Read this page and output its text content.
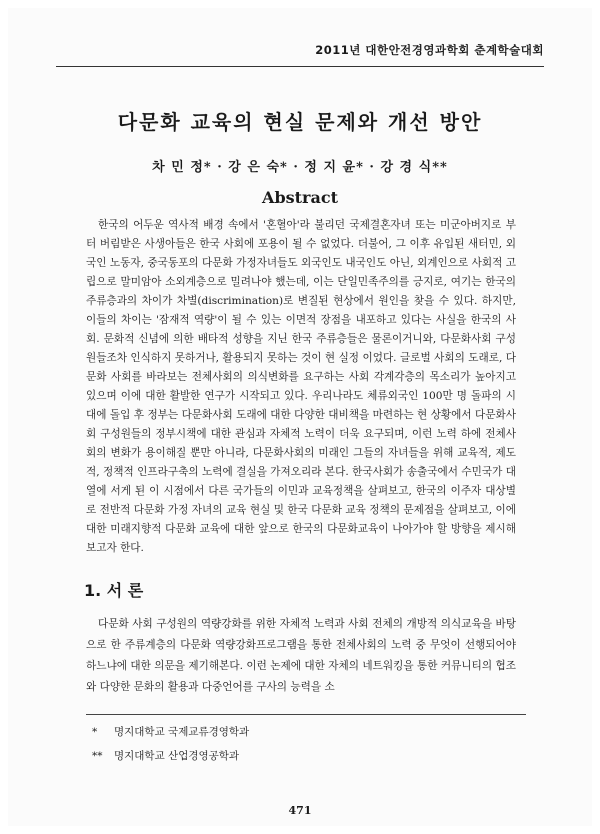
2011년 대한안전경영과학회 춘계학술대회
다문화 교육의 현실 문제와 개선 방안
차 민 정* · 강 은 숙* · 정 지 윤* · 강 경 식**
Abstract
한국의 어두운 역사적 배경 속에서 '혼혈아'라 불리던 국제결혼자녀 또는 미군아버지로 부터 버림받은 사생아들은 한국 사회에 포용이 될 수 없었다. 더불어, 그 이후 유입된 새터민, 외국인 노동자, 중국동포의 다문화 가정자녀들도 외국인도 내국인도 아닌, 외계인으로 사회적 고립으로 말미암아 소외계층으로 밀려나야 했는데, 이는 단일민족주의를 긍지로, 여기는 한국의 주류층과의 차이가 차별(discrimination)로 변질된 현상에서 원인을 찾을 수 있다. 하지만, 이들의 차이는 '잠재적 역량'이 될 수 있는 이면적 장점을 내포하고 있다는 사실을 한국의 사회. 문화적 신념에 의한 배타적 성향을 지닌 한국 주류층들은 물론이거니와, 다문화사회 구성원들조차 인식하지 못하거나, 활용되지 못하는 것이 현 실정 이었다. 글로벌 사회의 도래로, 다문화 사회를 바라보는 전체사회의 의식변화를 요구하는 사회 각계각층의 목소리가 높아지고 있으며 이에 대한 활발한 연구가 시작되고 있다. 우리나라도 체류외국인 100만 명 돌파의 시대에 돌입 후 정부는 다문화사회 도래에 대한 다양한 대비책을 마련하는 현 상황에서 다문화사회 구성원들의 정부시책에 대한 관심과 자체적 노력이 더욱 요구되며, 이런 노력 하에 전체사회의 변화가 용이해질 뿐만 아니라, 다문화사회의 미래인 그들의 자녀들을 위해 교육적, 제도적, 정책적 인프라구축의 노력에 결실을 가져오리라 본다. 한국사회가 송출국에서 수민국가 대열에 서게 된 이 시점에서 다른 국가들의 이민과 교육정책을 살펴보고, 한국의 이주자 대상별로 전반적 다문화 가정 자녀의 교육 현실 및 한국 다문화 교육 정책의 문제점을 살펴보고, 이에 대한 미래지향적 다문화 교육에 대한 앞으로 한국의 다문화교육이 나아가야 할 방향을 제시해 보고자 한다.
1. 서 론
다문화 사회 구성원의 역량강화를 위한 자체적 노력과 사회 전체의 개방적 의식교육을 바탕으로 한 주류계층의 다문화 역량강화프로그램을 통한 전체사회의 노력 중 무엇이 선행되어야 하느냐에 대한 의문을 제기해본다. 이런 논제에 대한 자체의 네트워킹을 통한 커뮤니티의 협조와 다양한 문화의 활용과 다중언어를 구사의 능력을 소
* 명지대학교 국제교류경영학과
** 명지대학교 산업경영공학과
471
